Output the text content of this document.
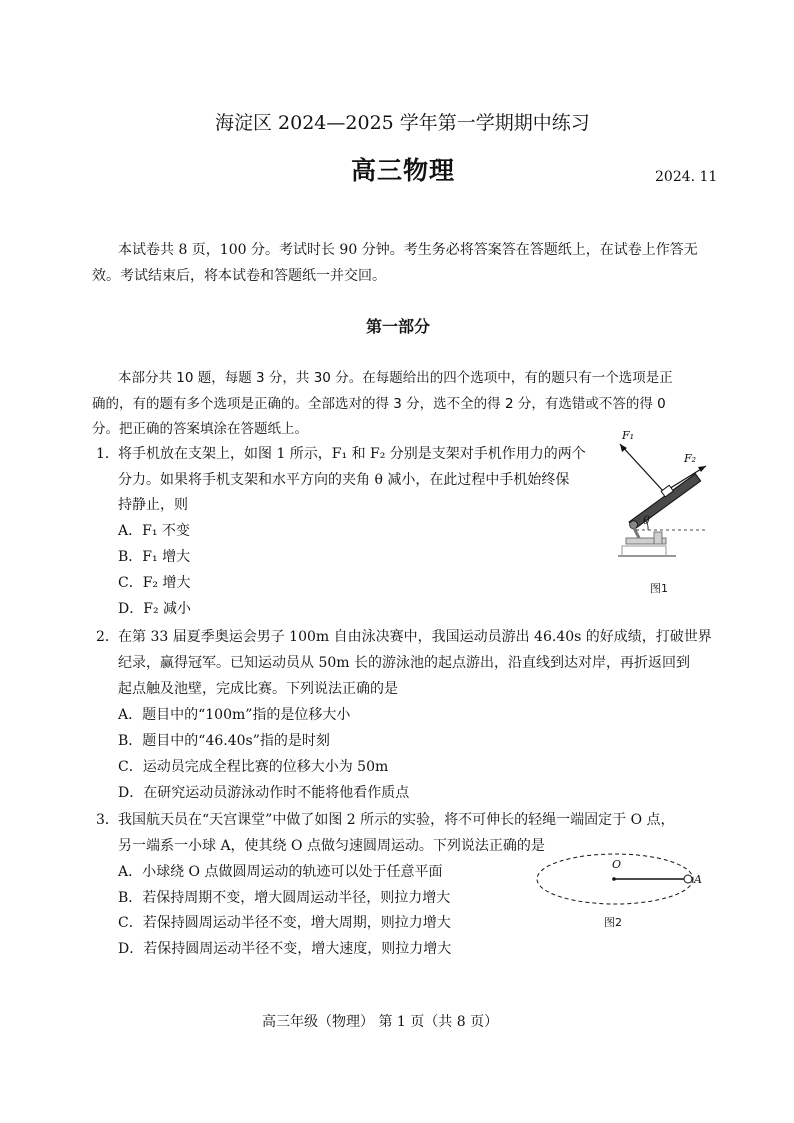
海淀区 2024—2025 学年第一学期期中练习
高三物理	2024. 11
本试卷共 8 页，100 分。考试时长 90 分钟。考生务必将答案答在答题纸上，在试卷上作答无
效。考试结束后，将本试卷和答题纸一并交回。
第一部分
本部分共 10 题，每题 3 分，共 30 分。在每题给出的四个选项中，有的题只有一个选项是正
确的，有的题有多个选项是正确的。全部选对的得 3 分，选不全的得 2 分，有选错或不答的得 0
分。把正确的答案填涂在答题纸上。
1． 将手机放在支架上，如图 1 所示，F₁ 和 F₂ 分别是支架对手机作用力的两个
分力。如果将手机支架和水平方向的夹角 θ 减小，在此过程中手机始终保
持静止，则
A．F₁ 不变
B．F₁ 增大
C．F₂ 增大
D．F₂ 减小
F₁
F₂
θ
图1
2． 在第 33 届夏季奥运会男子 100m 自由泳决赛中，我国运动员游出 46.40s 的好成绩，打破世界
纪录，赢得冠军。已知运动员从 50m 长的游泳池的起点游出，沿直线到达对岸，再折返回到
起点触及池壁，完成比赛。下列说法正确的是
A．题目中的“100m”指的是位移大小
B．题目中的“46.40s”指的是时刻
C．运动员完成全程比赛的位移大小为 50m
D．在研究运动员游泳动作时不能将他看作质点
3． 我国航天员在“天宫课堂”中做了如图 2 所示的实验，将不可伸长的轻绳一端固定于 O 点，
另一端系一小球 A，使其绕 O 点做匀速圆周运动。下列说法正确的是
A．小球绕 O 点做圆周运动的轨迹可以处于任意平面
B．若保持周期不变，增大圆周运动半径，则拉力增大
C．若保持圆周运动半径不变，增大周期，则拉力增大
D．若保持圆周运动半径不变，增大速度，则拉力增大
O
A
图2
高三年级（物理） 第 1 页（共 8 页）
